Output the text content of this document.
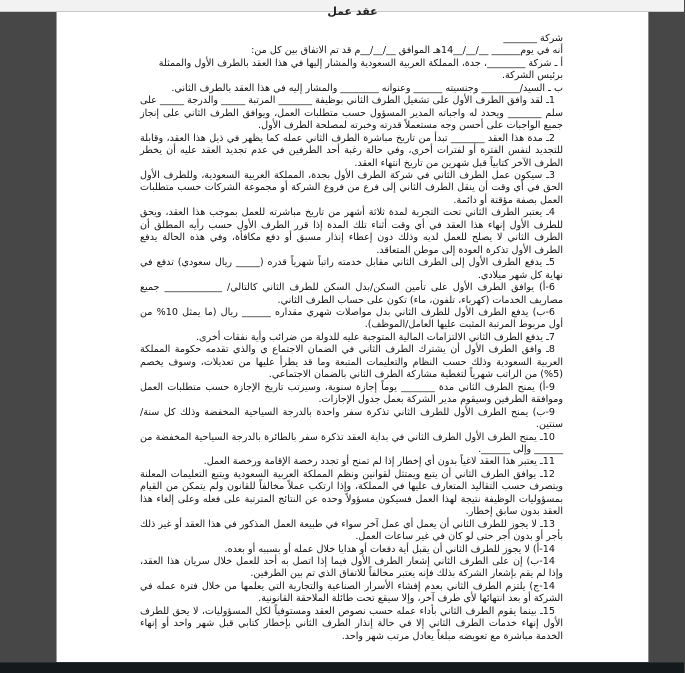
عقد عمل

شركة _______

أنه في يوم______ __/__/__14هـ الموافق __/__/__م قد تم الاتفاق بين كل من:

أ ـ شركة ________، جدة، المملكة العربية السعودية والمشار إليها في هذا العقد بالطرف الأول والممثلة برئيس الشركة.

ب ـ السيد/________ وجنسيته ______ وعنوانه ________ والمشار إليه في هذا العقد بالطرف الثاني.

1ـ لقد وافق الطرف الأول على تشغيل الطرف الثاني بوظيفة _______ المرتبة _____ والدرجة _____ على سلم _______ ويحدد له واجباته المدير المسؤول حسب متطلبات العمل، ويوافق الطرف الثاني على إنجاز جميع الواجبات على أحسن وجه مستعملاً قدرته وخبرته لمصلحة الطرف الأول.

2ـ مدة هذا العقد _______ تبدأ من تاريخ مباشرة الطرف الثاني عمله كما يظهر في ذيل هذا العقد، وقابلة للتجديد لنفس الفترة أو لفترات أخرى، وفي حالة رغبة أحد الطرفين في عدم تجديد العقد عليه أن يخطر الطرف الآخر كتابياً قبل شهرين من تاريخ انتهاء العقد.

3ـ سيكون عمل الطرف الثاني في شركة الطرف الأول بجدة، المملكة العربية السعودية، وللطرف الأول الحق في أي وقت أن ينقل الطرف الثاني إلى فرع من فروع الشركة أو مجموعة الشركات حسب متطلبات العمل بصفة مؤقتة أو دائمة.

4ـ يعتبر الطرف الثاني تحت التجربة لمدة ثلاثة أشهر من تاريخ مباشرته للعمل بموجب هذا العقد، ويحق للطرف الأول إنهاء هذا العقد في أي وقت أثناء تلك المدة إذا قرر الطرف الأول حسب رأيه المطلق أن الطرف الثاني لا يصلح للعمل لديه وذلك دون إعطاء إنذار مسبق أو دفع مكافأة، وفي هذه الحالة يدفع الطرف الأول تذكرة العودة إلى موطن المتعاقد.

5ـ يدفع الطرف الأول إلى الطرف الثاني مقابل خدمته راتباً شهرياً قدره (_____ ريال سعودي) تدفع في نهاية كل شهر ميلادي.

6-أ) يوافق الطرف الأول على تأمين السكن/بدل السكن للطرف الثاني كالتالي/ ____________ جميع مصاريف الخدمات (كهرباء، تلفون، ماء) تكون على حساب الطرف الثاني.

6-ب) يدفع الطرف الأول للطرف الثاني بدل مواصلات شهري مقداره ______ ريال (ما يمثل 10% من أول مربوط المرتبة المثبت عليها العامل/الموظف).

7ـ يدفع الطرف الثاني الالتزامات المالية المتوجبة عليه للدولة من ضرائب وأية نفقات أخرى.

8ـ وافق الطرف الأول أن يشترك الطرف الثاني في الضمان الاجتماع ي والذي تقدمه حكومة المملكة العربية السعودية وذلك حسب النظام والتعليمات المتبعة وما قد يطرأ عليها من تعديلات، وسوف يخصم (5%) من الراتب شهرياً لتغطية مشاركة الطرف الثاني بالضمان الاجتماعي.

9-أ) يمنح الطرف الثاني مدة _______ يوماً إجازة سنوية، وسيرتب تاريخ الإجازة حسب متطلبات العمل وموافقة الطرفين وسيقوم مدير الشركة بعمل جدول الإجازات.

9-ب) يمنح الطرف الأول للطرف الثاني تذكرة سفر واحدة بالدرجة السياحية المخفضة وذلك كل سنة/سنتين.

10ـ يمنح الطرف الأول الطرف الثاني في بداية العقد تذكرة سفر بالطائرة بالدرجة السياحية المخفضة من ______ وإلى ______.

11ـ يعتبر هذا العقد لاغياً بدون أي إخطار إذا لم تمنح أو تجدد رخصة الإقامة ورخصة العمل.

12ـ يوافق الطرف الثاني أن يتبع ويمتثل لقوانين ونظم المملكة العربية السعودية ويتبع التعليمات المعلنة ويتصرف حسب التقاليد المتعارف عليها في المملكة، وإذا ارتكب عملاً مخالفاً للقانون ولم يتمكن من القيام بمسؤوليات الوظيفة نتيجة لهذا العمل فسيكون مسؤولاً وحده عن النتائج المترتبة على فعله وعلى إلغاء هذا العقد بدون سابق إخطار.

13ـ لا يجوز للطرف الثاني أن يعمل أي عمل آخر سواء في طبيعة العمل المذكور في هذا العقد أو غير ذلك بأجر أو بدون أجر حتى لو كان في غير ساعات العمل.

14-أ) لا يجوز للطرف الثاني أن يقبل أية دفعات أو هدايا خلال عمله أو بسببه أو بعده.

14-ب) إن على الطرف الثاني إشعار الطرف الأول فيما إذا اتصل به أحد للعمل خلال سريان هذا العقد، وإذا لم يقم بإشعار الشركة بذلك فإنه يعتبر مخالفاً للاتفاق الذي تم بين الطرفين.

14-ج) يلتزم الطرف الثاني بعدم إفشاء الأسرار الصناعية والتجارية التي يعلمها من خلال فترة عمله في الشركة أو بعد انتهائها لأي طرف آخر، وإلا سيقع تحت طائلة الملاحقة القانونية.

15ـ بينما يقوم الطرف الثاني بأداء عمله حسب نصوص العقد ومستوفياً لكل المسؤوليات، لا يحق للطرف الأول إنهاء خدمات الطرف الثاني إلا في حالة إنذار الطرف الثاني بإخطار كتابي قبل شهر واحد أو إنهاء الخدمة مباشرة مع تعويضه مبلغاً يعادل مرتب شهر واحد.
